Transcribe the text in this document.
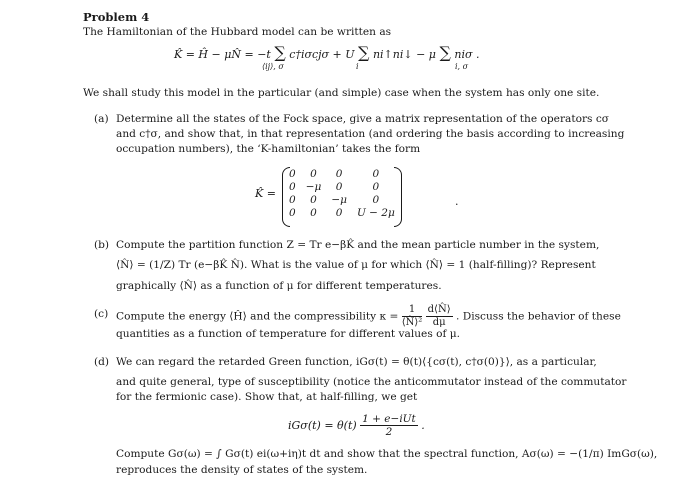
Problem 4
The Hamiltonian of the Hubbard model can be written as
K̂ = Ĥ − μN̂ = −t ∑ c†iσcjσ + U ∑ ni↑ni↓ − μ ∑ niσ .
⟨ij⟩, σ	i	i, σ
We shall study this model in the particular (and simple) case when the system has only one site.
(a) Determine all the states of the Fock space, give a matrix representation of the operators cσ
and c†σ, and show that, in that representation (and ordering the basis according to increasing
occupation numbers), the ‘K-hamiltonian’ takes the form
K̂ =
0	0	0	0
0	−μ	0	0
0	0	−μ	0
0	0	0	U − 2μ
.
(b) Compute the partition function Z = Tr e−βK̂ and the mean particle number in the system,
⟨N̂⟩ = (1/Z) Tr (e−βK̂ N̂). What is the value of μ for which ⟨N̂⟩ = 1 (half-filling)? Represent
graphically ⟨N̂⟩ as a function of μ for different temperatures.
(c) Compute the energy ⟨Ĥ⟩ and the compressibility $\kappa = \frac{1}{\text{⟨N̂⟩²}}$
$\frac{d⟨N̂⟩}{d\mu}$ . Discuss the behavior of these
quantities as a function of temperature for different values of μ.
(d) We can regard the retarded Green function, iGσ(t) = θ(t)⟨{cσ(t), c†σ(0)}⟩, as a particular,
and quite general, type of susceptibility (notice the anticommutator instead of the commutator
for the fermionic case). Show that, at half-filling, we get
$iG\sigma(t) = \theta(t) \frac{\text{1 + e−iUt}}{2}$ .
Compute Gσ(ω) = ∫ Gσ(t) ei(ω+iη)t dt and show that the spectral function, Aσ(ω) = −(1/π) ImGσ(ω),
reproduces the density of states of the system.
